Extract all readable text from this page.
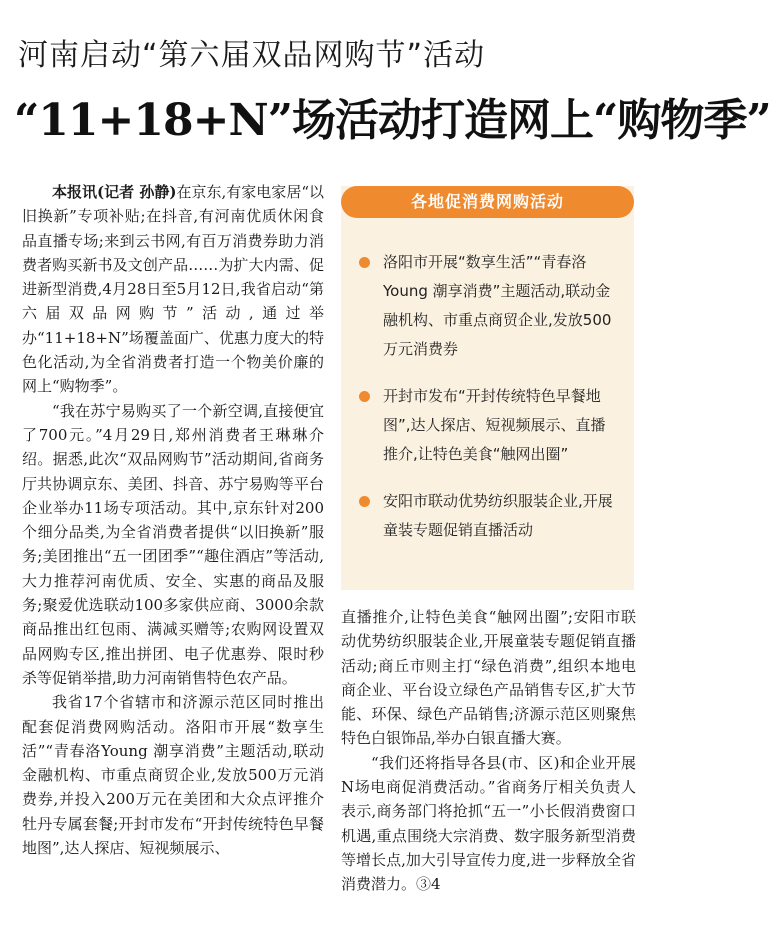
河南启动“第六届双品网购节”活动
“11+18+N”场活动打造网上“购物季”

本报讯(记者 孙静)在京东,有家电家居“以旧换新”专项补贴;在抖音,有河南优质休闲食品直播专场;来到云书网,有百万消费券助力消费者购买新书及文创产品……为扩大内需、促进新型消费,4月28日至5月12日,我省启动“第六届双品网购节”活动,通过举办“11+18+N”场覆盖面广、优惠力度大的特色化活动,为全省消费者打造一个物美价廉的网上“购物季”。

“我在苏宁易购买了一个新空调,直接便宜了700元。”4月29日,郑州消费者王琳琳介绍。据悉,此次“双品网购节”活动期间,省商务厅共协调京东、美团、抖音、苏宁易购等平台企业举办11场专项活动。其中,京东针对200个细分品类,为全省消费者提供“以旧换新”服务;美团推出“五一团团季”“趣住酒店”等活动,大力推荐河南优质、安全、实惠的商品及服务;聚爱优选联动100多家供应商、3000余款商品推出红包雨、满减买赠等;农购网设置双品网购专区,推出拼团、电子优惠券、限时秒杀等促销举措,助力河南销售特色农产品。

我省17个省辖市和济源示范区同时推出配套促消费网购活动。洛阳市开展“数享生活”“青春洛Young 潮享消费”主题活动,联动金融机构、市重点商贸企业,发放500万元消费券,并投入200万元在美团和大众点评推介牡丹专属套餐;开封市发布“开封传统特色早餐地图”,达人探店、短视频展示、

各地促消费网购活动
洛阳市开展“数享生活”“青春洛Young 潮享消费”主题活动,联动金融机构、市重点商贸企业,发放500万元消费券
开封市发布“开封传统特色早餐地图”,达人探店、短视频展示、直播推介,让特色美食“触网出圈”
安阳市联动优势纺织服装企业,开展童装专题促销直播活动

直播推介,让特色美食“触网出圈”;安阳市联动优势纺织服装企业,开展童装专题促销直播活动;商丘市则主打“绿色消费”,组织本地电商企业、平台设立绿色产品销售专区,扩大节能、环保、绿色产品销售;济源示范区则聚焦特色白银饰品,举办白银直播大赛。

“我们还将指导各县(市、区)和企业开展N场电商促消费活动。”省商务厅相关负责人表示,商务部门将抢抓“五一”小长假消费窗口机遇,重点围绕大宗消费、数字服务新型消费等增长点,加大引导宣传力度,进一步释放全省消费潜力。③4
